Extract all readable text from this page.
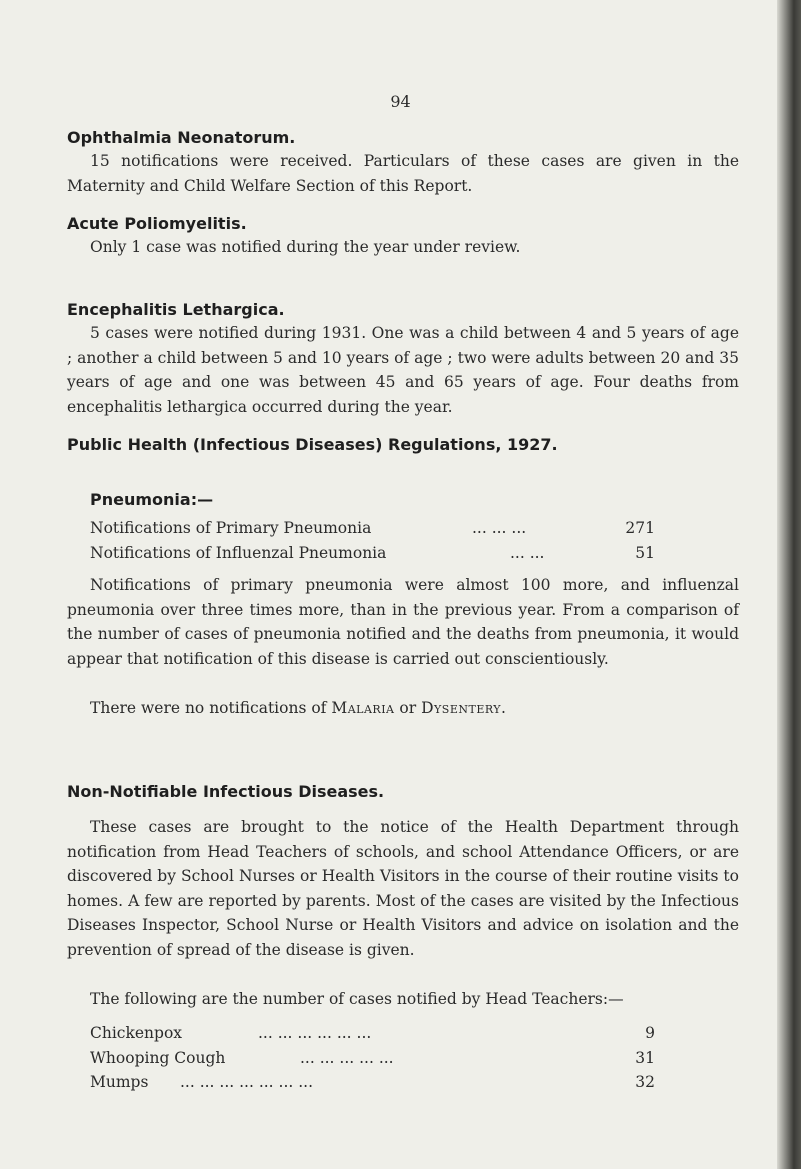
94
Ophthalmia Neonatorum.

15 notifications were received. Particulars of these cases are given in the Maternity and Child Welfare Section of this Report.

Acute Poliomyelitis.

Only 1 case was notified during the year under review.

Encephalitis Lethargica.

5 cases were notified during 1931. One was a child between 4 and 5 years of age ; another a child between 5 and 10 years of age ; two were adults between 20 and 35 years of age and one was between 45 and 65 years of age. Four deaths from encephalitis lethargica occurred during the year.

Public Health (Infectious Diseases) Regulations, 1927.
Pneumonia:—
Notifications of Primary Pneumonia	... ... ...	271
Notifications of Influenzal Pneumonia	... ...	51

Notifications of primary pneumonia were almost 100 more, and influenzal pneumonia over three times more, than in the previous year. From a comparison of the number of cases of pneumonia notified and the deaths from pneumonia, it would appear that notification of this disease is carried out conscientiously.

There were no notifications of Malaria or Dysentery.

Non-Notifiable Infectious Diseases.

These cases are brought to the notice of the Health Department through notification from Head Teachers of schools, and school Attendance Officers, or are discovered by School Nurses or Health Visitors in the course of their routine visits to homes. A few are reported by parents. Most of the cases are visited by the Infectious Diseases Inspector, School Nurse or Health Visitors and advice on isolation and the prevention of spread of the disease is given.

The following are the number of cases notified by Head Teachers:—

Chickenpox	... ... ... ... ... ...	9
Whooping Cough	... ... ... ... ...	31
Mumps ... ... ... ... ... ... ...	32
